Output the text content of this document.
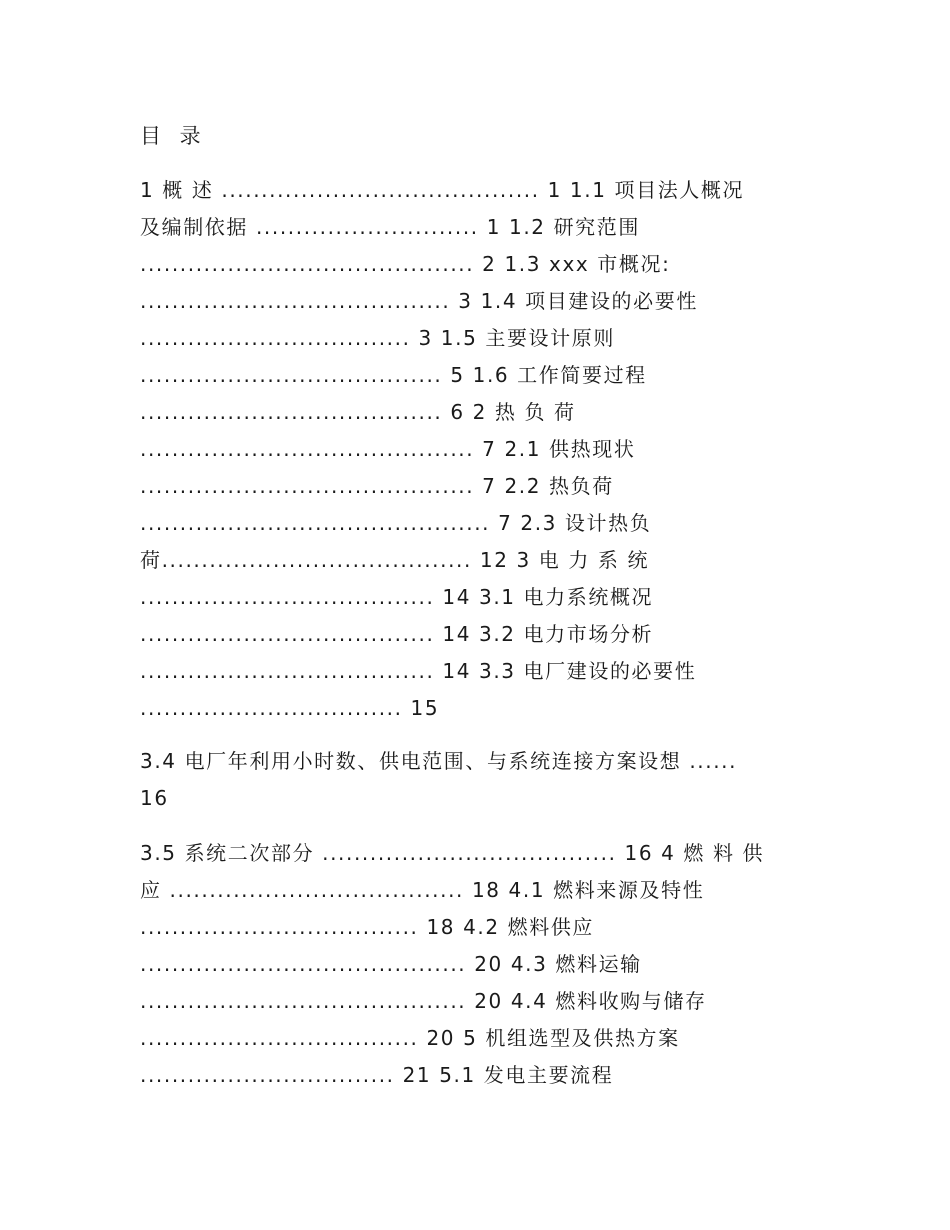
目 录
1 概 述 ........................................ 1 1.1 项目法人概况
及编制依据 ............................ 1 1.2 研究范围
.......................................... 2 1.3 xxx 市概况:
....................................... 3 1.4 项目建设的必要性
.................................. 3 1.5 主要设计原则
...................................... 5 1.6 工作简要过程
...................................... 6 2 热 负 荷
.......................................... 7 2.1 供热现状
.......................................... 7 2.2 热负荷
............................................ 7 2.3 设计热负
荷....................................... 12 3 电 力 系 统
..................................... 14 3.1 电力系统概况
..................................... 14 3.2 电力市场分析
..................................... 14 3.3 电厂建设的必要性
................................. 15
3.4 电厂年利用小时数、供电范围、与系统连接方案设想 ......
16
3.5 系统二次部分 ..................................... 16 4 燃 料 供
应 ..................................... 18 4.1 燃料来源及特性
................................... 18 4.2 燃料供应
......................................... 20 4.3 燃料运输
......................................... 20 4.4 燃料收购与储存
................................... 20 5 机组选型及供热方案
................................ 21 5.1 发电主要流程
